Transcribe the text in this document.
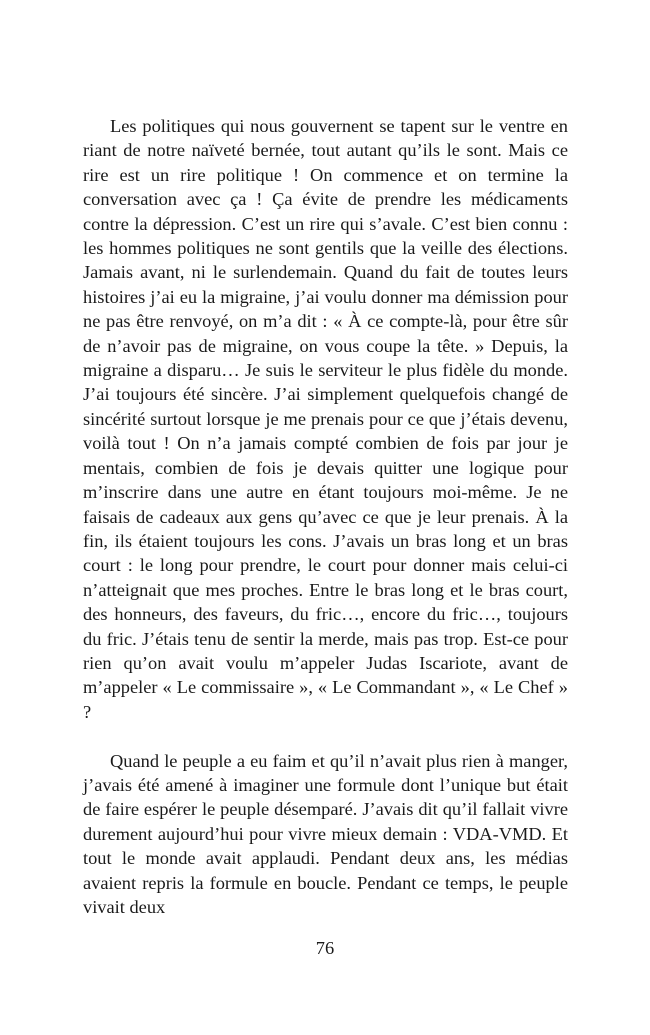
Les politiques qui nous gouvernent se tapent sur le ventre en riant de notre naïveté bernée, tout autant qu’ils le sont. Mais ce rire est un rire politique ! On commence et on termine la conversation avec ça ! Ça évite de prendre les médicaments contre la dépression. C’est un rire qui s’avale. C’est bien connu : les hommes politiques ne sont gentils que la veille des élections. Jamais avant, ni le surlendemain. Quand du fait de toutes leurs histoires j’ai eu la migraine, j’ai voulu donner ma démission pour ne pas être renvoyé, on m’a dit : « À ce compte-là, pour être sûr de n’avoir pas de migraine, on vous coupe la tête. » Depuis, la migraine a disparu… Je suis le serviteur le plus fidèle du monde. J’ai toujours été sincère. J’ai simplement quelquefois changé de sincérité surtout lorsque je me prenais pour ce que j’étais devenu, voilà tout ! On n’a jamais compté combien de fois par jour je mentais, combien de fois je devais quitter une logique pour m’inscrire dans une autre en étant toujours moi-même. Je ne faisais de cadeaux aux gens qu’avec ce que je leur prenais. À la fin, ils étaient toujours les cons. J’avais un bras long et un bras court : le long pour prendre, le court pour donner mais celui-ci n’atteignait que mes proches. Entre le bras long et le bras court, des honneurs, des faveurs, du fric…, encore du fric…, toujours du fric. J’étais tenu de sentir la merde, mais pas trop. Est-ce pour rien qu’on avait voulu m’appeler Judas Iscariote, avant de m’appeler « Le commissaire », « Le Commandant », « Le Chef » ?

Quand le peuple a eu faim et qu’il n’avait plus rien à manger, j’avais été amené à imaginer une formule dont l’unique but était de faire espérer le peuple désemparé. J’avais dit qu’il fallait vivre durement aujourd’hui pour vivre mieux demain : VDA-VMD. Et tout le monde avait applaudi. Pendant deux ans, les médias avaient repris la formule en boucle. Pendant ce temps, le peuple vivait deux

76
